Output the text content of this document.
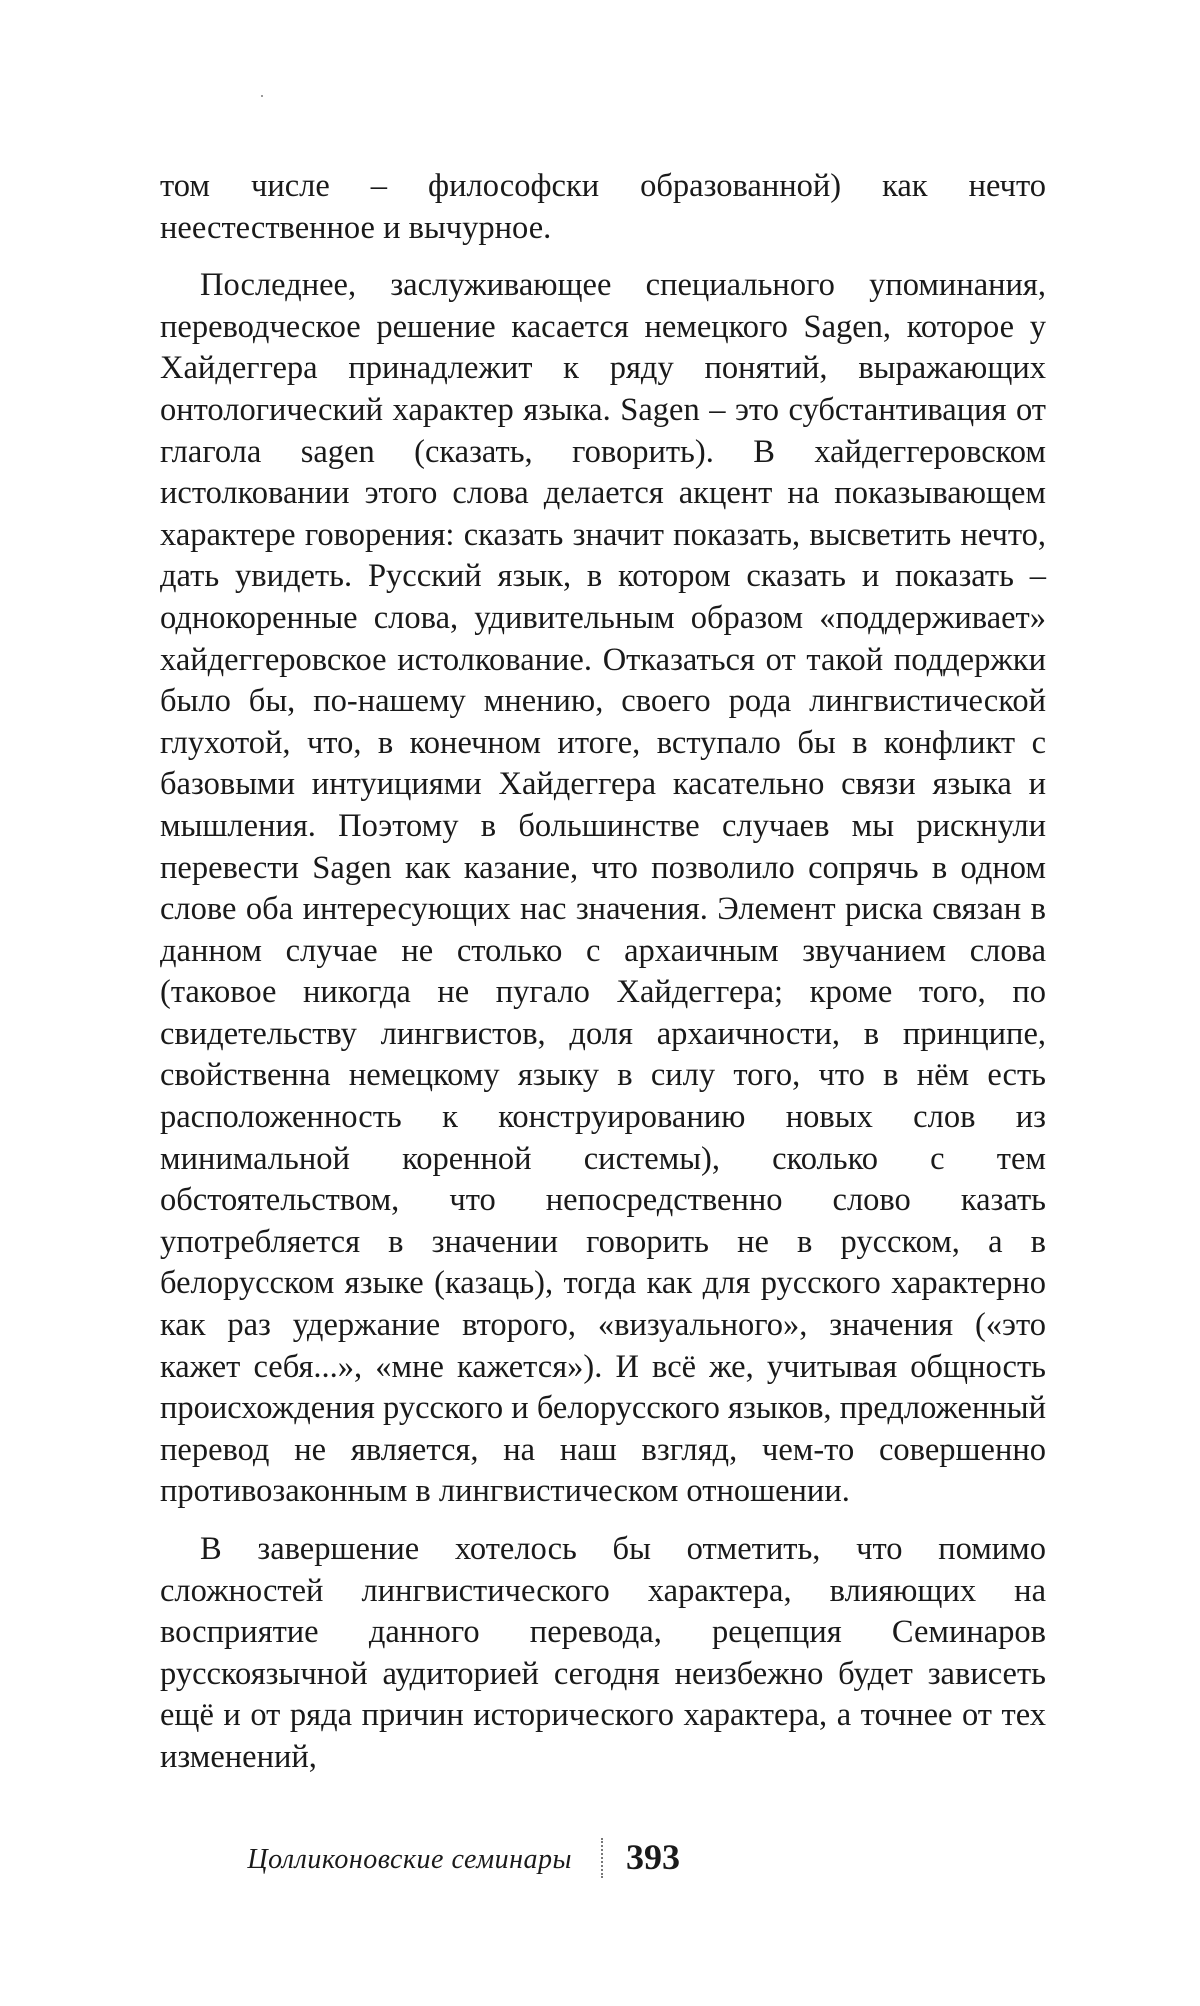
том числе – философски образованной) как нечто неестественное и вычурное.

Последнее, заслуживающее специального упоминания, переводческое решение касается немецкого Sagen, которое у Хайдеггера принадлежит к ряду понятий, выражающих онтологический характер языка. Sagen – это субстантивация от глагола sagen (сказать, говорить). В хайдеггеровском истолковании этого слова делается акцент на показывающем характере говорения: сказать значит показать, высветить нечто, дать увидеть. Русский язык, в котором сказать и показать – однокоренные слова, удивительным образом «поддерживает» хайдеггеровское истолкование. Отказаться от такой поддержки было бы, по-нашему мнению, своего рода лингвистической глухотой, что, в конечном итоге, вступало бы в конфликт с базовыми интуициями Хайдеггера касательно связи языка и мышления. Поэтому в большинстве случаев мы рискнули перевести Sagen как казание, что позволило сопрячь в одном слове оба интересующих нас значения. Элемент риска связан в данном случае не столько с архаичным звучанием слова (таковое никогда не пугало Хайдеггера; кроме того, по свидетельству лингвистов, доля архаичности, в принципе, свойственна немецкому языку в силу того, что в нём есть расположенность к конструированию новых слов из минимальной коренной системы), сколько с тем обстоятельством, что непосредственно слово казать употребляется в значении говорить не в русском, а в белорусском языке (казаць), тогда как для русского характерно как раз удержание второго, «визуального», значения («это кажет себя...», «мне кажется»). И всё же, учитывая общность происхождения русского и белорусского языков, предложенный перевод не является, на наш взгляд, чем-то совершенно противозаконным в лингвистическом отношении.

В завершение хотелось бы отметить, что помимо сложностей лингвистического характера, влияющих на восприятие данного перевода, рецепция Семинаров русскоязычной аудиторией сегодня неизбежно будет зависеть ещё и от ряда причин исторического характера, а точнее от тех изменений,

Цолликоновские семинары 393
